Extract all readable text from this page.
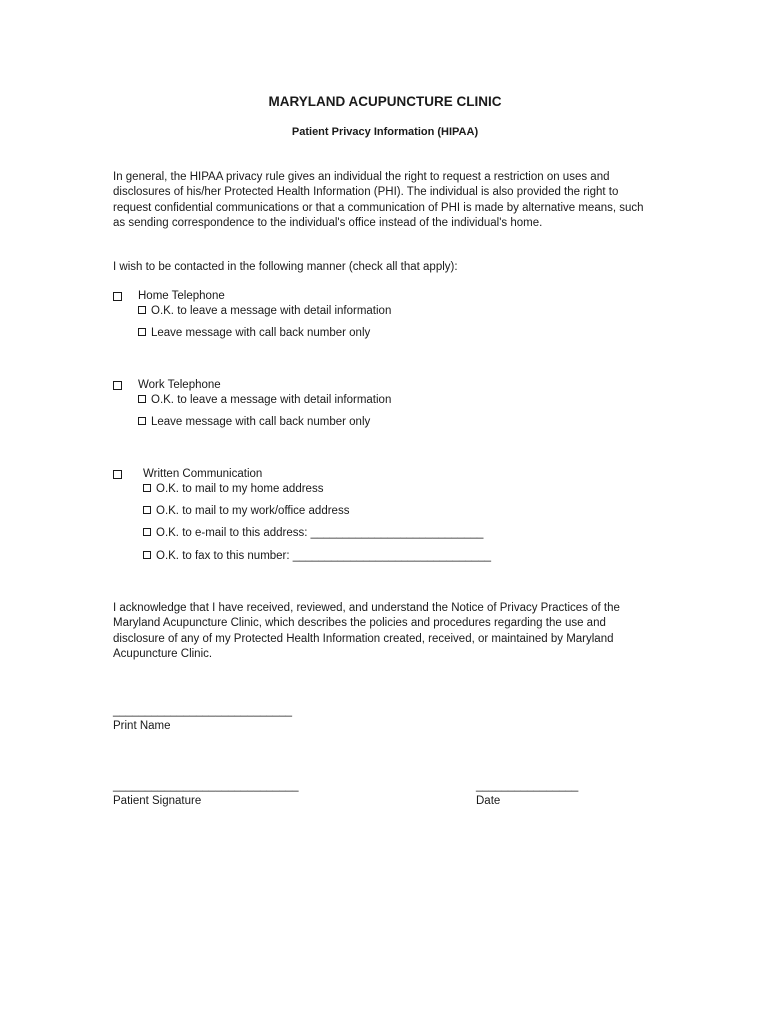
MARYLAND ACUPUNCTURE CLINIC
Patient Privacy Information (HIPAA)
In general, the HIPAA privacy rule gives an individual the right to request a restriction on uses and disclosures of his/her Protected Health Information (PHI). The individual is also provided the right to request confidential communications or that a communication of PHI is made by alternative means, such as sending correspondence to the individual's office instead of the individual's home.
I wish to be contacted in the following manner (check all that apply):
Home Telephone
O.K. to leave a message with detail information
Leave message with call back number only
Work Telephone
O.K. to leave a message with detail information
Leave message with call back number only
Written Communication
O.K. to mail to my home address
O.K. to mail to my work/office address
O.K. to e-mail to this address: ___________________________
O.K. to fax to this number: _______________________________
I acknowledge that I have received, reviewed, and understand the Notice of Privacy Practices of the Maryland Acupuncture Clinic, which describes the policies and procedures regarding the use and disclosure of any of my Protected Health Information created, received, or maintained by Maryland Acupuncture Clinic.
____________________________
Print Name
_____________________________
Patient Signature
________________
Date
